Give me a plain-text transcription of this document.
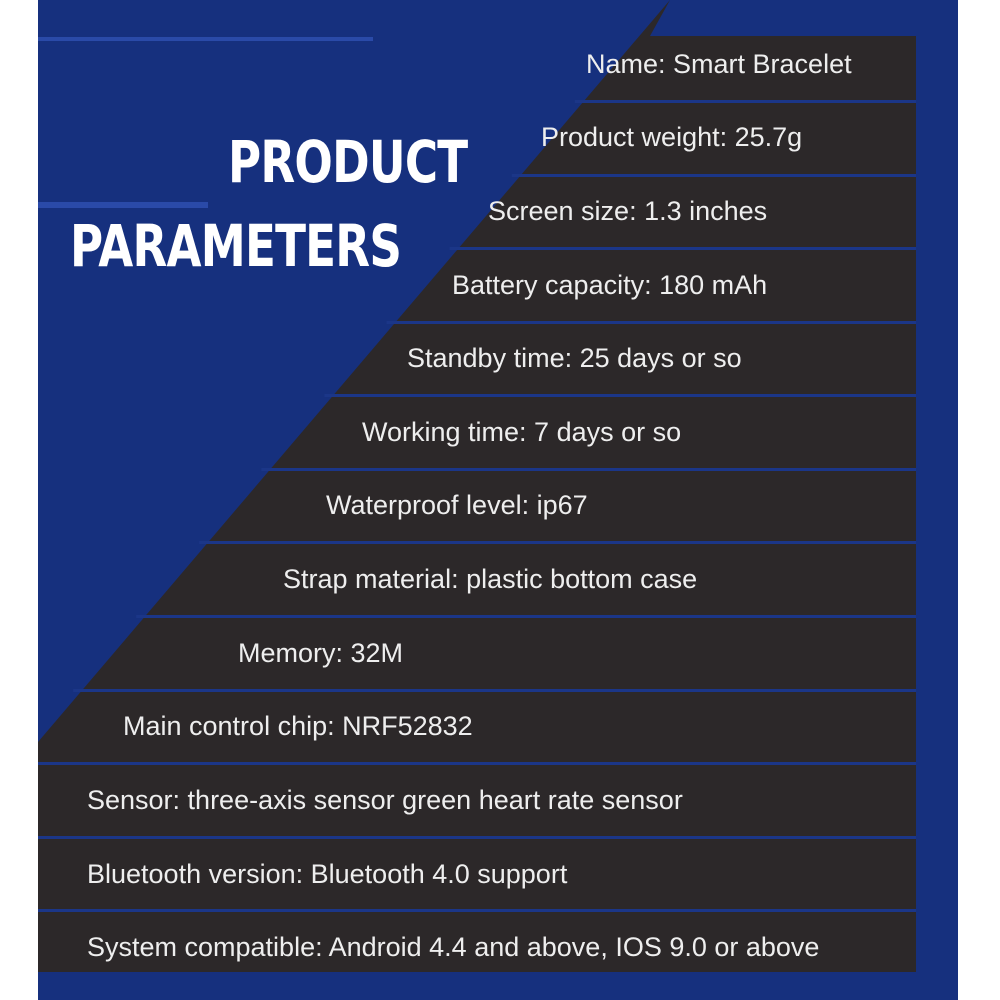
PRODUCT
PARAMETERS
Name: Smart Bracelet
Product weight: 25.7g
Screen size: 1.3 inches
Battery capacity: 180 mAh
Standby time: 25 days or so
Working time: 7 days or so
Waterproof level: ip67
Strap material: plastic bottom case
Memory: 32M
Main control chip: NRF52832
Sensor: three-axis sensor green heart rate sensor
Bluetooth version: Bluetooth 4.0 support
System compatible: Android 4.4 and above, IOS 9.0 or above
